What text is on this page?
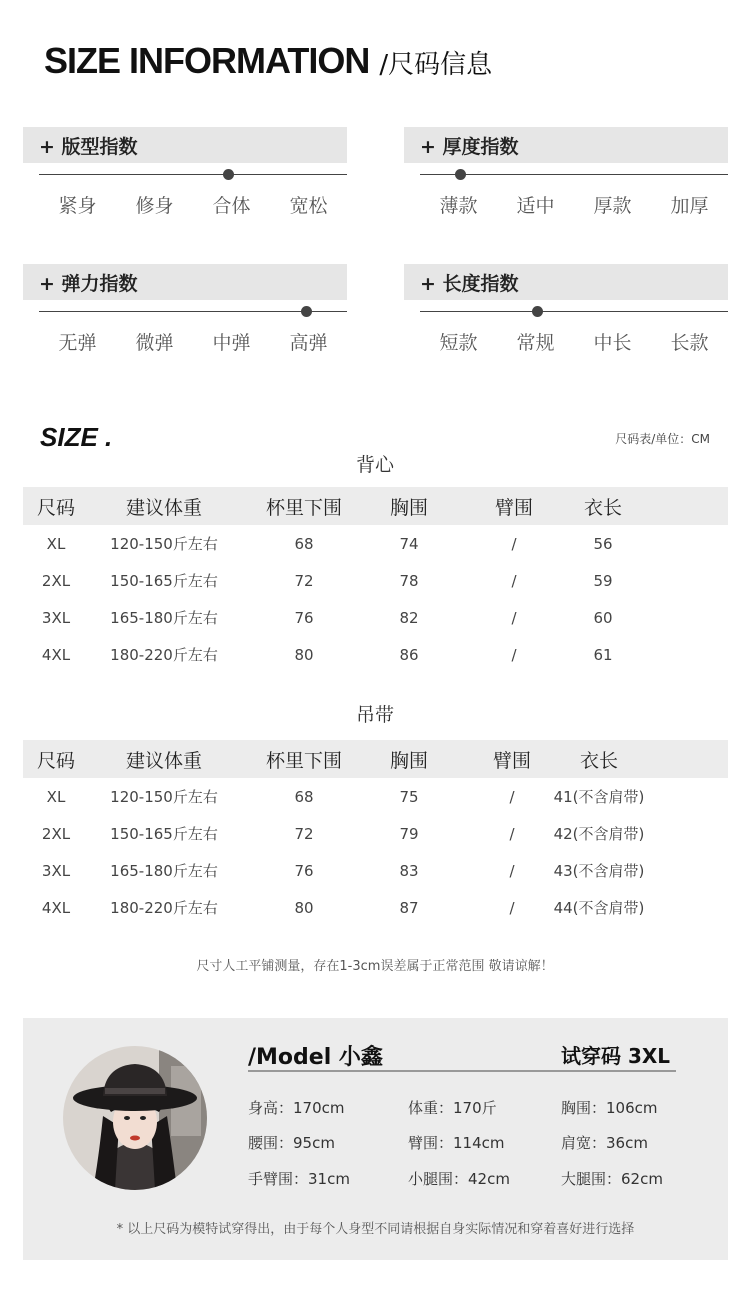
SIZE INFORMATION /尺码信息
+ 版型指数
紧身	修身	合体	宽松
+ 厚度指数
薄款	适中	厚款	加厚
+ 弹力指数
无弹	微弹	中弹	高弹
+ 长度指数
短款	常规	中长	长款
SIZE .	尺码表/单位：CM
背心
尺码	建议体重	杯里下围	胸围	臂围	衣长
XL	120-150斤左右	68	74	/	56
2XL	150-165斤左右	72	78	/	59
3XL	165-180斤左右	76	82	/	60
4XL	180-220斤左右	80	86	/	61
吊带
尺码	建议体重	杯里下围	胸围	臂围	衣长
XL	120-150斤左右	68	75	/	41(不含肩带)
2XL	150-165斤左右	72	79	/	42(不含肩带)
3XL	165-180斤左右	76	83	/	43(不含肩带)
4XL	180-220斤左右	80	87	/	44(不含肩带)
尺寸人工平铺测量，存在1-3cm误差属于正常范围 敬请谅解！
/Model 小鑫	试穿码 3XL
身高：170cm	体重：170斤	胸围：106cm
腰围：95cm	臂围：114cm	肩宽：36cm
手臂围：31cm	小腿围：42cm	大腿围：62cm
* 以上尺码为模特试穿得出，由于每个人身型不同请根据自身实际情况和穿着喜好进行选择
